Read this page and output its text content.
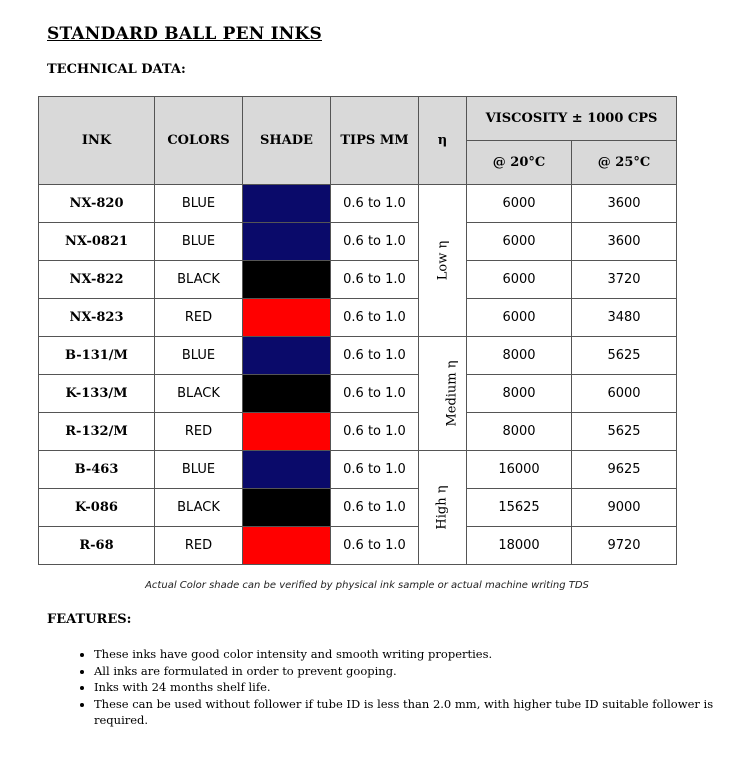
STANDARD BALL PEN INKS
TECHNICAL DATA:
INK	COLORS	SHADE	TIPS MM	η	VISCOSITY ± 1000 CPS	
					@ 20°C	@ 25°C
NX-820	BLUE		0.6 to 1.0	Low η	6000	3600
NX-0821	BLUE		0.6 to 1.0		6000	3600
NX-822	BLACK		0.6 to 1.0		6000	3720
NX-823	RED		0.6 to 1.0		6000	3480
B-131/M	BLUE		0.6 to 1.0	Medium η	8000	5625
K-133/M	BLACK		0.6 to 1.0		8000	6000
R-132/M	RED		0.6 to 1.0		8000	5625
B-463	BLUE		0.6 to 1.0	High η	16000	9625
K-086	BLACK		0.6 to 1.0		15625	9000
R-68	RED		0.6 to 1.0		18000	9720
Actual Color shade can be verified by physical ink sample or actual machine writing TDS
FEATURES:
• These inks have good color intensity and smooth writing properties.
• All inks are formulated in order to prevent gooping.
• Inks with 24 months shelf life.
• These can be used without follower if tube ID is less than 2.0 mm, with higher tube ID suitable follower is required.
